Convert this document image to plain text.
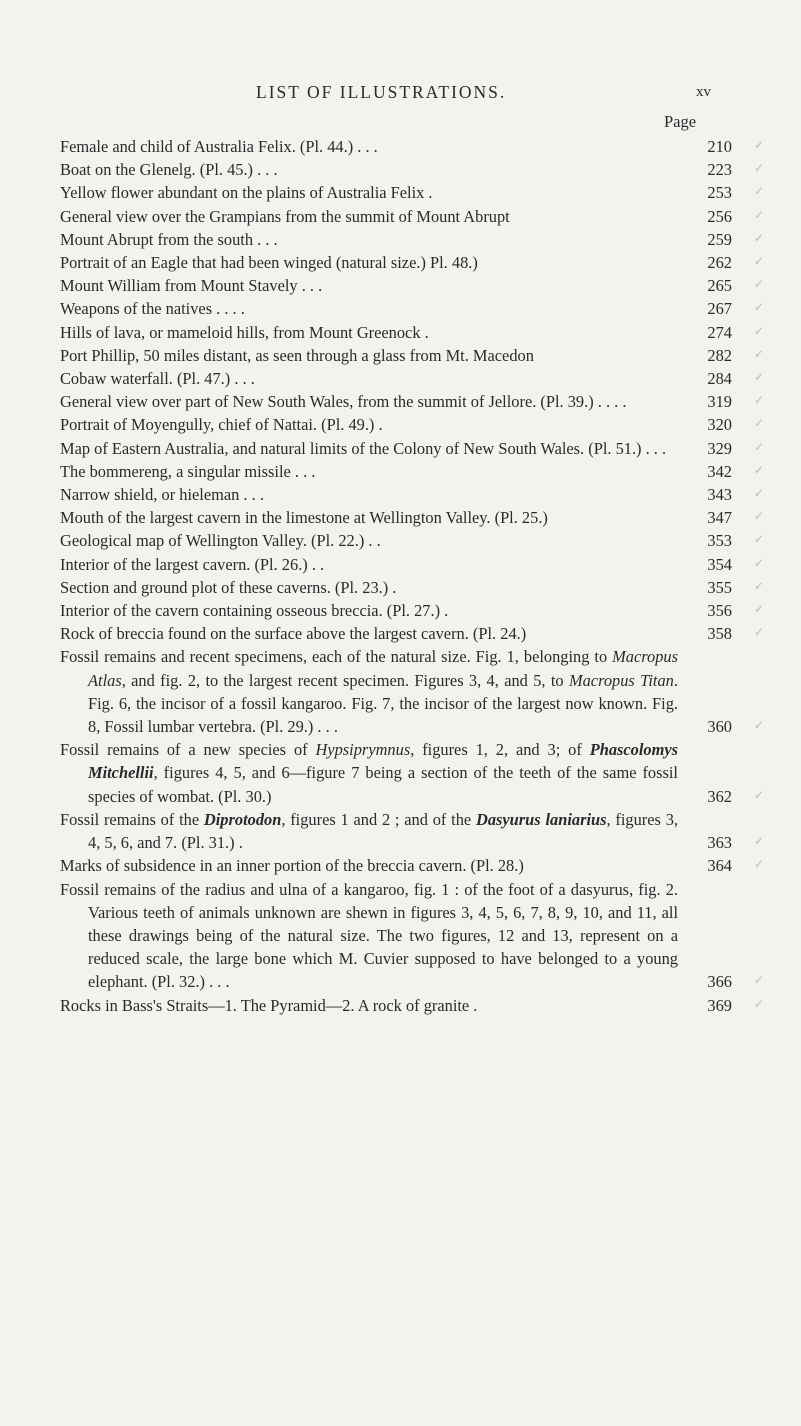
LIST OF ILLUSTRATIONS.	xv
Page
Female and child of Australia Felix. (Pl. 44.) . . .	210 ✓
Boat on the Glenelg. (Pl. 45.) . . .	223 ✓
Yellow flower abundant on the plains of Australia Felix .	253 ✓
General view over the Grampians from the summit of Mount Abrupt	256 ✓
Mount Abrupt from the south . . .	259 ✓
Portrait of an Eagle that had been winged (natural size.) Pl. 48.)	262 ✓
Mount William from Mount Stavely . . .	265 ✓
Weapons of the natives . . . .	267 ✓
Hills of lava, or mameloid hills, from Mount Greenock .	274 ✓
Port Phillip, 50 miles distant, as seen through a glass from Mt. Macedon	282 ✓
Cobaw waterfall. (Pl. 47.) . . .	284 ✓
General view over part of New South Wales, from the summit of Jellore. (Pl. 39.) . . . .	319 ✓
Portrait of Moyengully, chief of Nattai. (Pl. 49.) .	320 ✓
Map of Eastern Australia, and natural limits of the Colony of New South Wales. (Pl. 51.) . . .	329 ✓
The bommereng, a singular missile . . .	342 ✓
Narrow shield, or hieleman . . .	343 ✓
Mouth of the largest cavern in the limestone at Wellington Valley. (Pl. 25.)	347 ✓
Geological map of Wellington Valley. (Pl. 22.) . .	353 ✓
Interior of the largest cavern. (Pl. 26.) . .	354 ✓
Section and ground plot of these caverns. (Pl. 23.) .	355 ✓
Interior of the cavern containing osseous breccia. (Pl. 27.) .	356 ✓
Rock of breccia found on the surface above the largest cavern. (Pl. 24.)	358 ✓
Fossil remains and recent specimens, each of the natural size. Fig. 1, belonging to Macropus Atlas, and fig. 2, to the largest recent specimen. Figures 3, 4, and 5, to Macropus Titan. Fig. 6, the incisor of a fossil kangaroo. Fig. 7, the incisor of the largest now known. Fig. 8, Fossil lumbar vertebra. (Pl. 29.) . . .	360 ✓
Fossil remains of a new species of Hypsiprymnus, figures 1, 2, and 3; of Phascolomys Mitchellii, figures 4, 5, and 6—figure 7 being a section of the teeth of the same fossil species of wombat. (Pl. 30.)	362 ✓
Fossil remains of the Diprotodon, figures 1 and 2 ; and of the Dasyurus laniarius, figures 3, 4, 5, 6, and 7. (Pl. 31.) .	363 ✓
Marks of subsidence in an inner portion of the breccia cavern. (Pl. 28.)	364 ✓
Fossil remains of the radius and ulna of a kangaroo, fig. 1 : of the foot of a dasyurus, fig. 2. Various teeth of animals unknown are shewn in figures 3, 4, 5, 6, 7, 8, 9, 10, and 11, all these drawings being of the natural size. The two figures, 12 and 13, represent on a reduced scale, the large bone which M. Cuvier supposed to have belonged to a young elephant. (Pl. 32.) . . .	366 ✓
Rocks in Bass's Straits—1. The Pyramid—2. A rock of granite .	369 ✓
